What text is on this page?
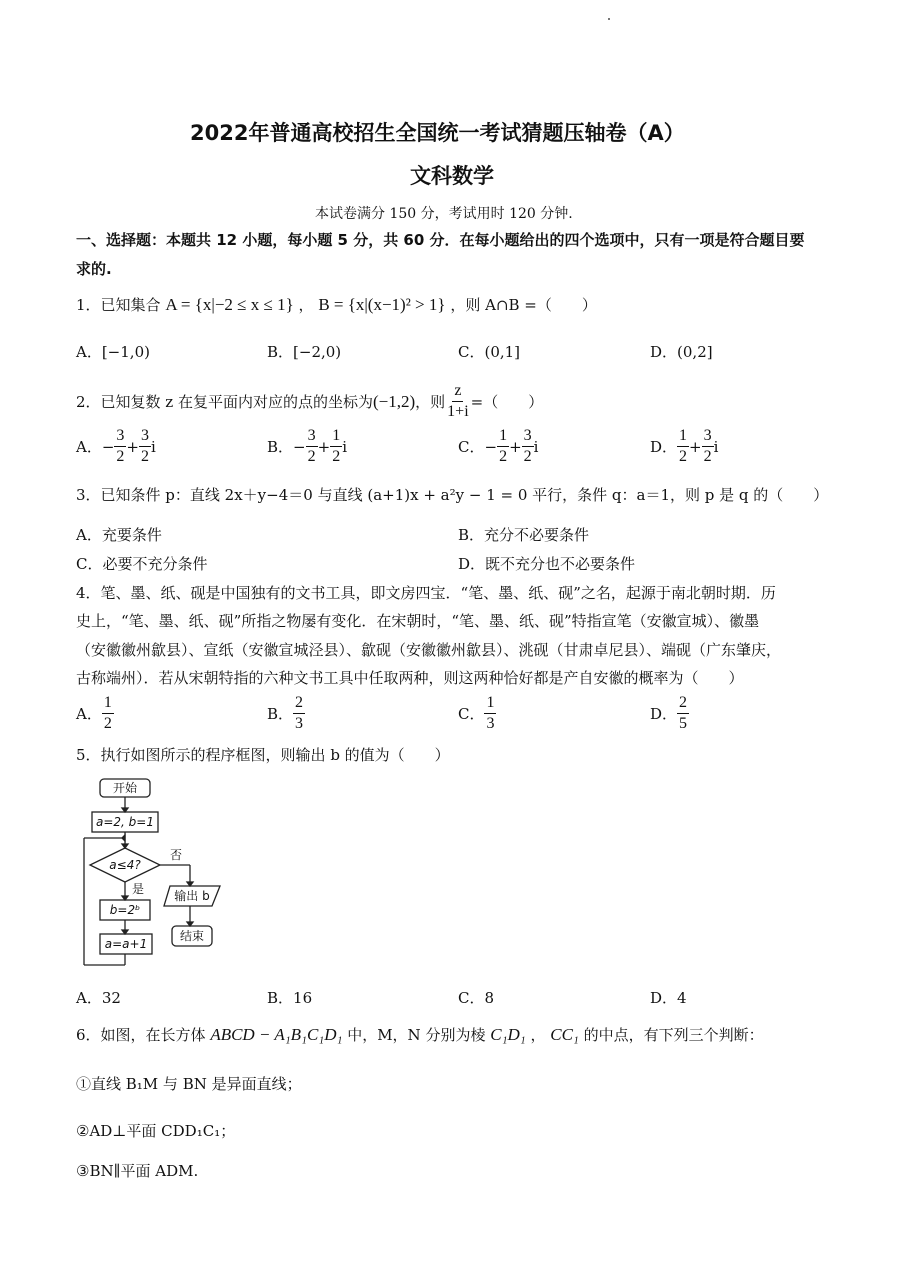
2022年普通高校招生全国统一考试猜题压轴卷（A）
文科数学
本试卷满分 150 分，考试用时 120 分钟.
一、选择题：本题共 12 小题，每小题 5 分，共 60 分．在每小题给出的四个选项中，只有一项是符合题目要
求的.
1．已知集合 A = {x|−2 ≤ x ≤ 1} ， B = {x|(x−1)² > 1} ，则 A∩B =（　　）
A．[−1,0)	B．[−2,0)	C．(0,1]	D．(0,2]
2．已知复数 z 在复平面内对应的点的坐标为 (−1,2) ，则 $\frac{z}{1+i}$ =（　　）
A． − $\frac{3}{2} + \frac{3}{2}$ i	B． − $\frac{3}{2} + \frac{1}{2}$ i	C． − $\frac{1}{2} + \frac{3}{2}$ i	D． $\frac{1}{2} + \frac{3}{2}$ i
3．已知条件 p：直线 2x＋y−4＝0 与直线 (a+1)x + a²y − 1 = 0 平行，条件 q：a＝1，则 p 是 q 的（　　）
A．充要条件	B．充分不必要条件
C．必要不充分条件	D．既不充分也不必要条件
4．笔、墨、纸、砚是中国独有的文书工具，即文房四宝．“笔、墨、纸、砚”之名，起源于南北朝时期．历
史上，“笔、墨、纸、砚”所指之物屡有变化．在宋朝时，“笔、墨、纸、砚”特指宣笔（安徽宣城）、徽墨
（安徽徽州歙县）、宣纸（安徽宣城泾县）、歙砚（安徽徽州歙县）、洮砚（甘肃卓尼县）、端砚（广东肇庆，
古称端州）．若从宋朝特指的六种文书工具中任取两种，则这两种恰好都是产自安徽的概率为（　　）
A． $\frac{1}{2}$	B． $\frac{2}{3}$	C． $\frac{1}{3}$	D． $\frac{2}{5}$
5．执行如图所示的程序框图，则输出 b 的值为（　　）
开始
a=2, b=1
a≤4?
否
是
b=2ᵇ
a=a+1
输出 b
结束
A．32	B．16	C．8	D．4
6．如图，在长方体 ABCD − A₁B₁C₁D₁ 中，M，N 分别为棱 C₁D₁ ， CC₁ 的中点，有下列三个判断：
①直线 B₁M 与 BN 是异面直线；
②AD⊥平面 CDD₁C₁；
③BN∥平面 ADM.
